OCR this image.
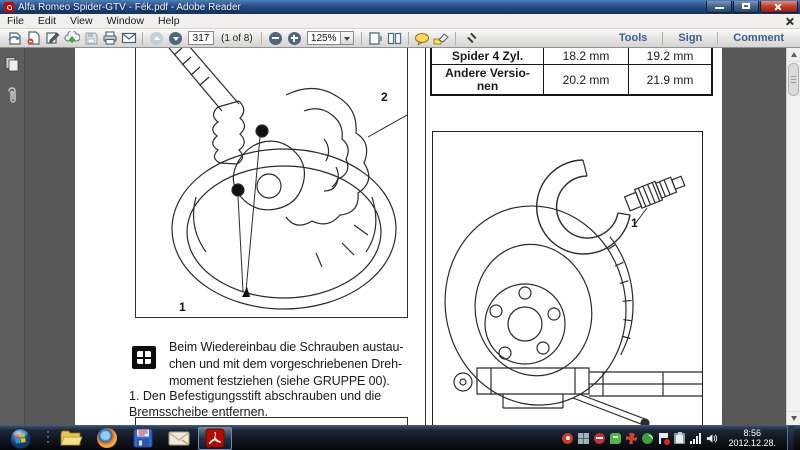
Alfa Romeo Spider-GTV - Fék.pdf - Adobe Reader
File	Edit	View	Window	Help
317
(1 of 8)	125%	Tools	Sign	Comment
2
1
Beim Wiedereinbau die Schrauben austau-
chen und mit dem vorgeschriebenen Dreh-
moment festziehen (siehe GRUPPE 00).
1. Den Befestigungsstift abschrauben und die
Bremsscheibe entfernen.
Spider 4 Zyl.	18.2 mm	19.2 mm
Andere Versio-
nen	20.2 mm	21.9 mm
1
8:56
2012.12.28.
